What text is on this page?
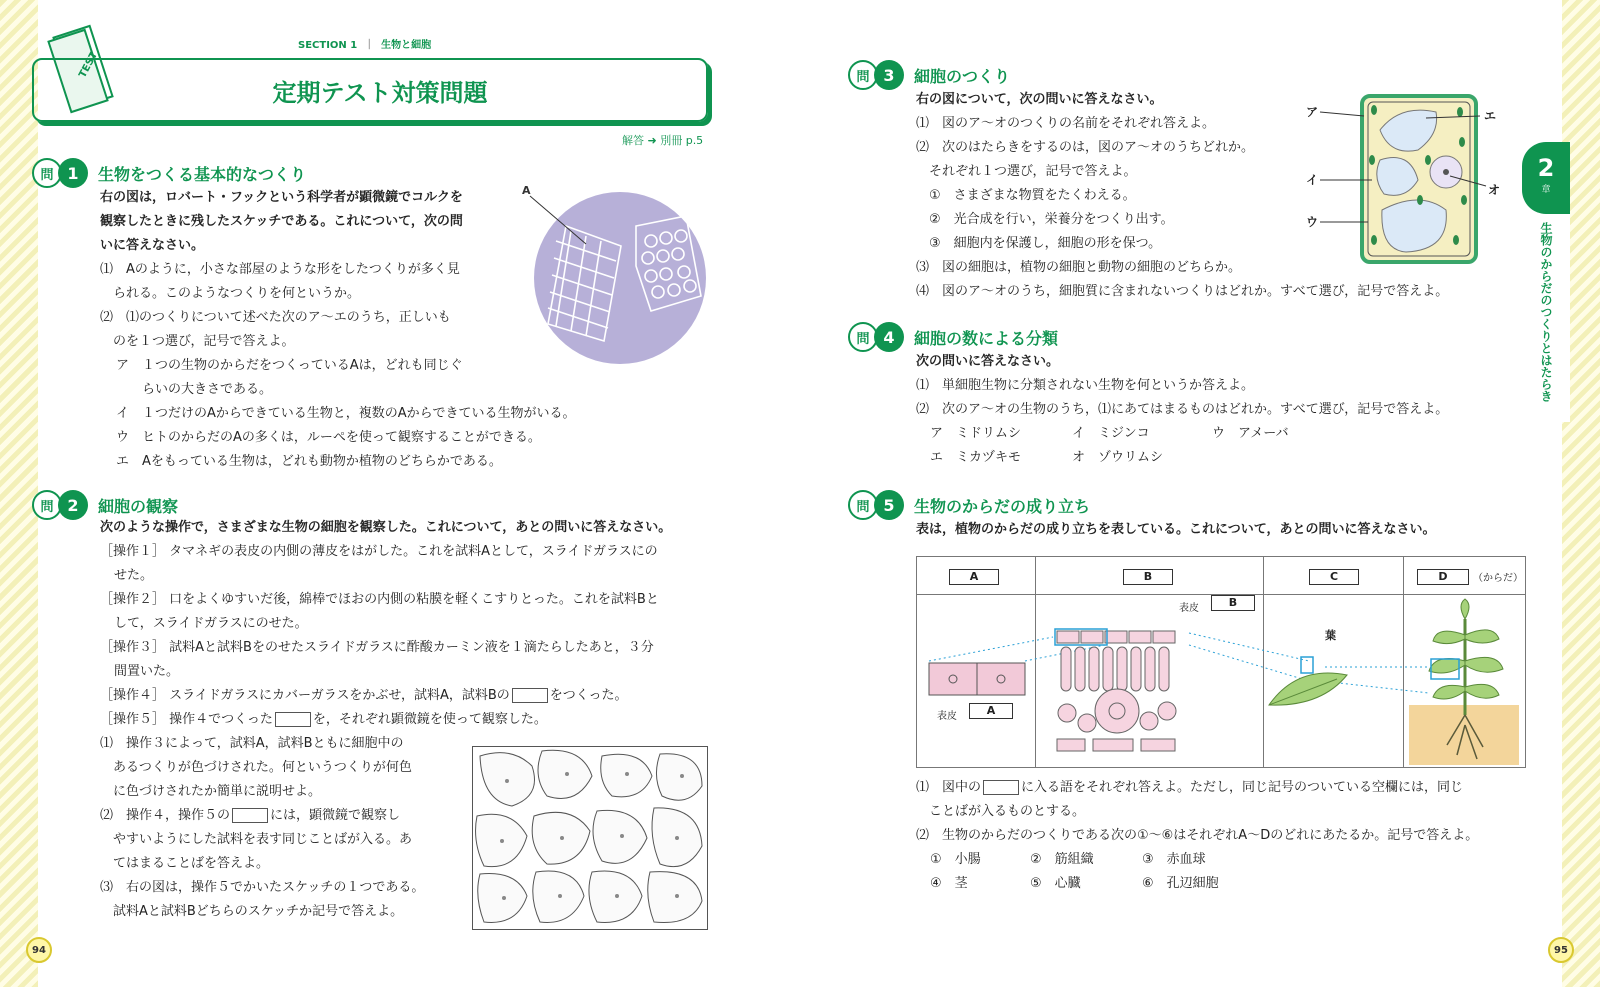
TEST
SECTION 1 ｜ 生物と細胞
定期テスト対策問題
解答 ➜ 別冊 p.5
問 1	生物をつくる基本的なつくり
右の図は，ロバート・フックという科学者が顕微鏡でコルクを
観察したときに残したスケッチである。これについて，次の問
いに答えなさい。
⑴　Aのように，小さな部屋のような形をしたつくりが多く見
　られる。このようなつくりを何というか。
⑵　⑴のつくりについて述べた次のア〜エのうち，正しいも
　のを１つ選び，記号で答えよ。
ア　１つの生物のからだをつくっているAは，どれも同じぐ
　　らいの大きさである。
イ　１つだけのAからできている生物と，複数のAからできている生物がいる。
ウ　ヒトのからだのAの多くは，ルーペを使って観察することができる。
エ　Aをもっている生物は，どれも動物か植物のどちらかである。
A
問 2	細胞の観察
次のような操作で，さまざまな生物の細胞を観察した。これについて，あとの問いに答えなさい。
［操作１］ タマネギの表皮の内側の薄皮をはがした。これを試料Aとして，スライドガラスにの
せた。
［操作２］ 口をよくゆすいだ後，綿棒でほおの内側の粘膜を軽くこすりとった。これを試料Bと
して，スライドガラスにのせた。
［操作３］ 試料Aと試料Bをのせたスライドガラスに酢酸カーミン液を１滴たらしたあと，３分
間置いた。
［操作４］ スライドガラスにカバーガラスをかぶせ，試料A，試料Bの	をつくった。
［操作５］ 操作４でつくった	を，それぞれ顕微鏡を使って観察した。
⑴　操作３によって，試料A，試料Bともに細胞中の
　あるつくりが色づけされた。何というつくりが何色
　に色づけされたか簡単に説明せよ。
⑵　操作４，操作５の	には，顕微鏡で観察し
　やすいようにした試料を表す同じことばが入る。あ
　てはまることばを答えよ。
⑶　右の図は，操作５でかいたスケッチの１つである。
　試料Aと試料Bどちらのスケッチか記号で答えよ。
問 3	細胞のつくり
右の図について，次の問いに答えなさい。
⑴　図のア〜オのつくりの名前をそれぞれ答えよ。
⑵　次のはたらきをするのは，図のア〜オのうちどれか。
　それぞれ１つ選び，記号で答えよ。
　①　さまざまな物質をたくわえる。
　②　光合成を行い，栄養分をつくり出す。
　③　細胞内を保護し，細胞の形を保つ。
⑶　図の細胞は，植物の細胞と動物の細胞のどちらか。
⑷　図のア〜オのうち，細胞質に含まれないつくりはどれか。すべて選び，記号で答えよ。
ア
イ
ウ
エ
オ
2
章
生物のからだのつくりとはたらき
問 4	細胞の数による分類
次の問いに答えなさい。
⑴　単細胞生物に分類されない生物を何というか答えよ。
⑵　次のア〜オの生物のうち，⑴にあてはまるものはどれか。すべて選び，記号で答えよ。
ア　ミドリムシ	イ　ミジンコ	ウ　アメーバ
エ　ミカヅキモ	オ　ゾウリムシ
問 5	生物のからだの成り立ち
表は，植物のからだの成り立ちを表している。これについて，あとの問いに答えなさい。
A	B	C	D	（からだ）
表皮	A
表皮	B
葉
⑴　図中の	に入る語をそれぞれ答えよ。ただし，同じ記号のついている空欄には，同じ
　ことばが入るものとする。
⑵　生物のからだのつくりである次の①〜⑥はそれぞれA〜Dのどれにあたるか。記号で答えよ。
①　小腸	②　筋組織	③　赤血球
④　茎	⑤　心臓	⑥　孔辺細胞
94	95
